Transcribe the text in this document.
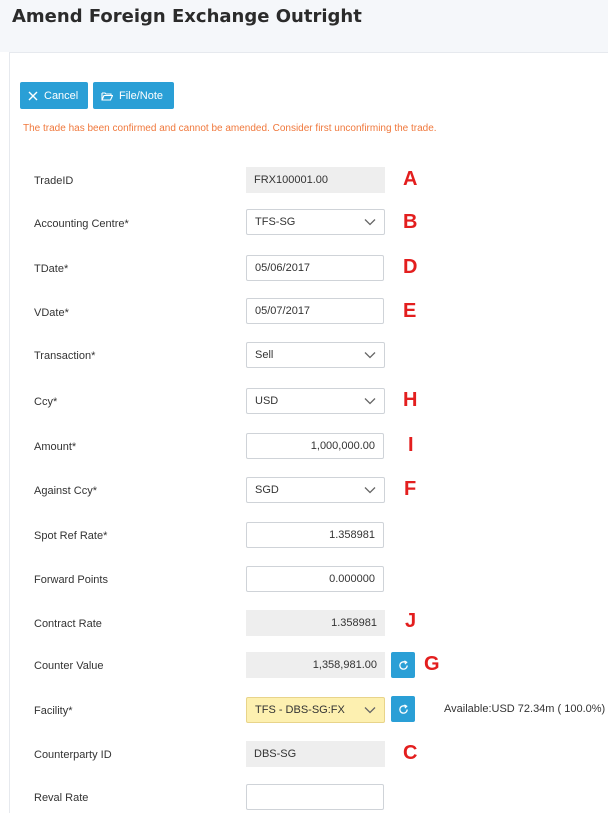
Amend Foreign Exchange Outright
Cancel	File/Note
The trade has been confirmed and cannot be amended. Consider first unconfirming the trade.
TradeID	FRX100001.00	A
Accounting Centre*	TFS-SG	B
TDate*	05/06/2017	D
VDate*	05/07/2017	E
Transaction*	Sell
Ccy*	USD	H
Amount*	1,000,000.00	I
Against Ccy*	SGD	F
Spot Ref Rate*	1.358981
Forward Points	0.000000
Contract Rate	1.358981	J
Counter Value	1,358,981.00	G
Facility*	TFS - DBS-SG:FX	Available:USD 72.34m ( 100.0%)
Counterparty ID	DBS-SG	C
Reval Rate
